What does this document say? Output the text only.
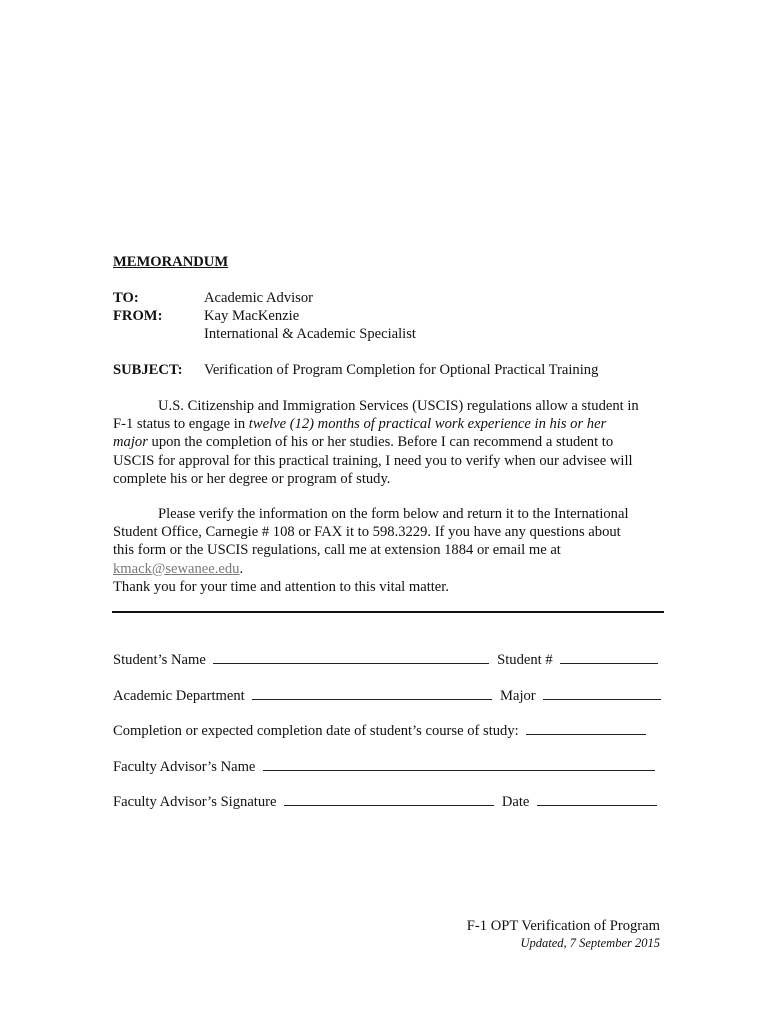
MEMORANDUM
TO:	Academic Advisor
FROM:	Kay MacKenzie
International & Academic Specialist
SUBJECT: Verification of Program Completion for Optional Practical Training
U.S. Citizenship and Immigration Services (USCIS) regulations allow a student in
F-1 status to engage in twelve (12) months of practical work experience in his or her
major upon the completion of his or her studies. Before I can recommend a student to
USCIS for approval for this practical training, I need you to verify when our advisee will
complete his or her degree or program of study.
Please verify the information on the form below and return it to the International
Student Office, Carnegie # 108 or FAX it to 598.3229. If you have any questions about
this form or the USCIS regulations, call me at extension 1884 or email me at
kmack@sewanee.edu.
Thank you for your time and attention to this vital matter.
Student’s Name	Student #
Academic Department	Major
Completion or expected completion date of student’s course of study:
Faculty Advisor’s Name
Faculty Advisor’s Signature	Date
F-1 OPT Verification of Program
Updated, 7 September 2015
